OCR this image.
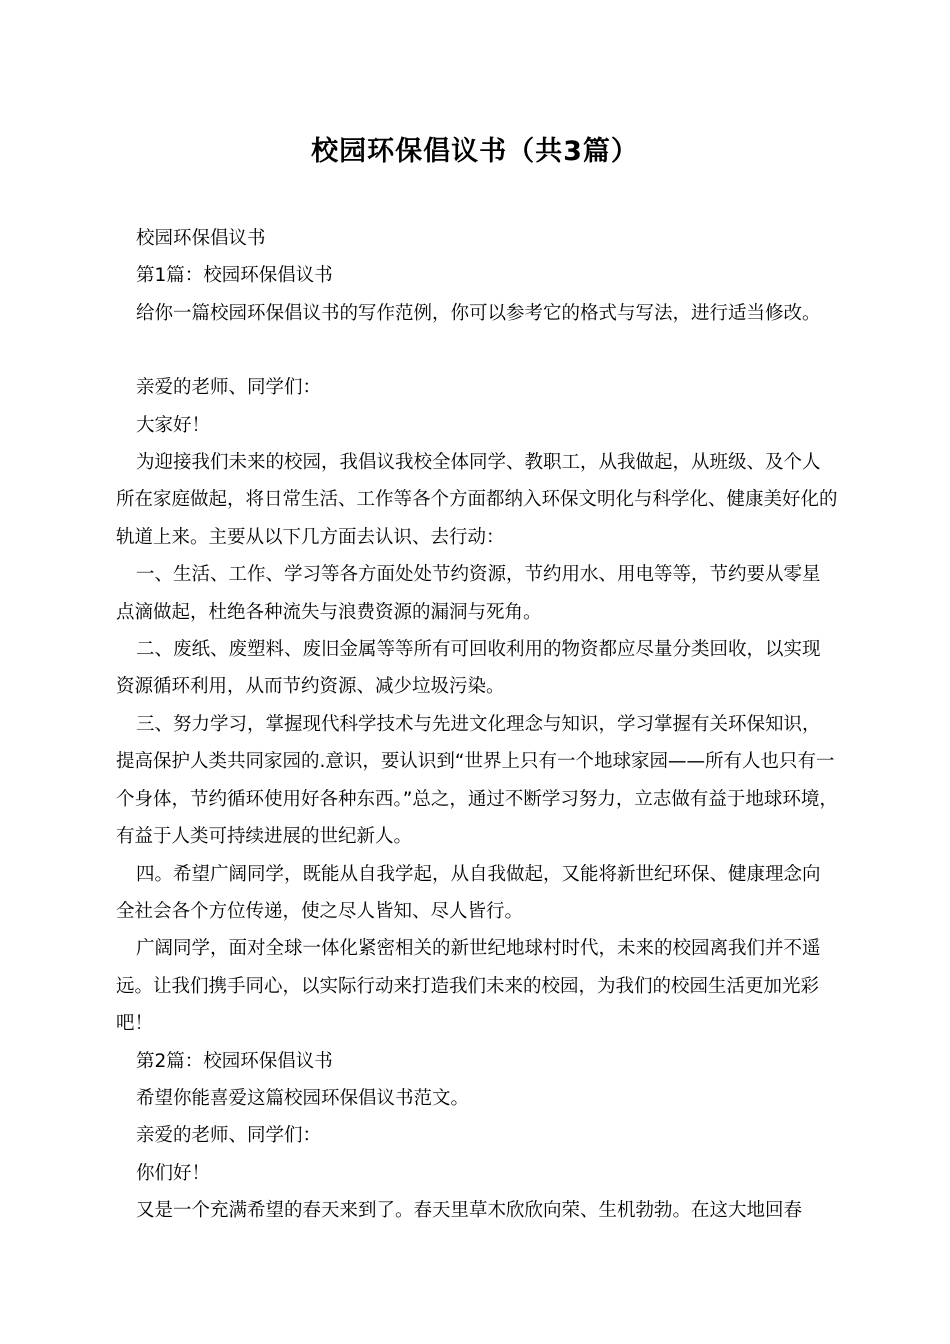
校园环保倡议书（共3篇）

校园环保倡议书

第1篇：校园环保倡议书

给你一篇校园环保倡议书的写作范例，你可以参考它的格式与写法，进行适当修改。

亲爱的老师、同学们：

大家好！

为迎接我们未来的校园，我倡议我校全体同学、教职工，从我做起，从班级、及个人所在家庭做起，将日常生活、工作等各个方面都纳入环保文明化与科学化、健康美好化的轨道上来。主要从以下几方面去认识、去行动：

一、生活、工作、学习等各方面处处节约资源，节约用水、用电等等，节约要从零星点滴做起，杜绝各种流失与浪费资源的漏洞与死角。

二、废纸、废塑料、废旧金属等等所有可回收利用的物资都应尽量分类回收，以实现资源循环利用，从而节约资源、减少垃圾污染。

三、努力学习，掌握现代科学技术与先进文化理念与知识，学习掌握有关环保知识，提高保护人类共同家园的.意识，要认识到“世界上只有一个地球家园——所有人也只有一个身体，节约循环使用好各种东西。”总之，通过不断学习努力，立志做有益于地球环境，有益于人类可持续进展的世纪新人。

四。希望广阔同学，既能从自我学起，从自我做起，又能将新世纪环保、健康理念向全社会各个方位传递，使之尽人皆知、尽人皆行。

广阔同学，面对全球一体化紧密相关的新世纪地球村时代，未来的校园离我们并不遥远。让我们携手同心，以实际行动来打造我们未来的校园，为我们的校园生活更加光彩吧！

第2篇：校园环保倡议书

希望你能喜爱这篇校园环保倡议书范文。

亲爱的老师、同学们：

你们好！

又是一个充满希望的春天来到了。春天里草木欣欣向荣、生机勃勃。在这大地回春
